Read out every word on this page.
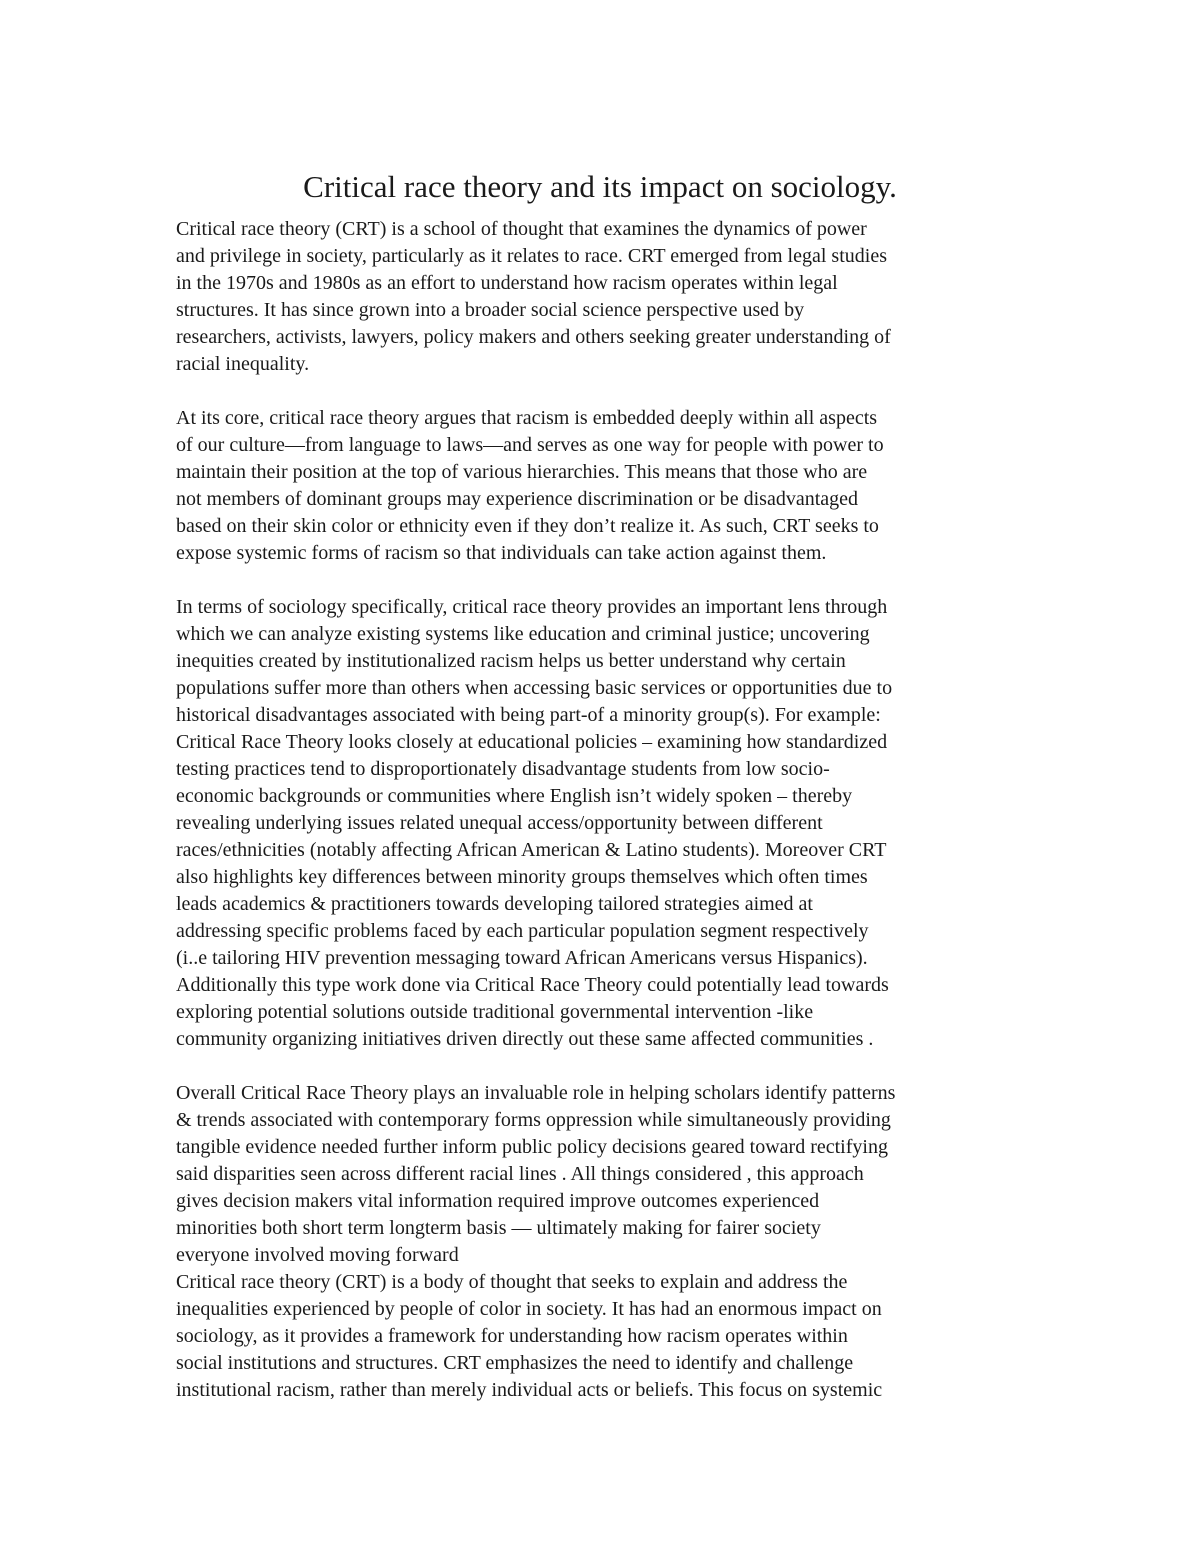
Critical race theory and its impact on sociology.
Critical race theory (CRT) is a school of thought that examines the dynamics of power
and privilege in society, particularly as it relates to race. CRT emerged from legal studies
in the 1970s and 1980s as an effort to understand how racism operates within legal
structures. It has since grown into a broader social science perspective used by
researchers, activists, lawyers, policy makers and others seeking greater understanding of
racial inequality.
At its core, critical race theory argues that racism is embedded deeply within all aspects
of our culture—from language to laws—and serves as one way for people with power to
maintain their position at the top of various hierarchies. This means that those who are
not members of dominant groups may experience discrimination or be disadvantaged
based on their skin color or ethnicity even if they don’t realize it. As such, CRT seeks to
expose systemic forms of racism so that individuals can take action against them.
In terms of sociology specifically, critical race theory provides an important lens through
which we can analyze existing systems like education and criminal justice; uncovering
inequities created by institutionalized racism helps us better understand why certain
populations suffer more than others when accessing basic services or opportunities due to
historical disadvantages associated with being part-of a minority group(s). For example:
Critical Race Theory looks closely at educational policies – examining how standardized
testing practices tend to disproportionately disadvantage students from low socio-
economic backgrounds or communities where English isn’t widely spoken – thereby
revealing underlying issues related unequal access/opportunity between different
races/ethnicities (notably affecting African American & Latino students). Moreover CRT
also highlights key differences between minority groups themselves which often times
leads academics & practitioners towards developing tailored strategies aimed at
addressing specific problems faced by each particular population segment respectively
(i..e tailoring HIV prevention messaging toward African Americans versus Hispanics).
Additionally this type work done via Critical Race Theory could potentially lead towards
exploring potential solutions outside traditional governmental intervention -like
community organizing initiatives driven directly out these same affected communities .
Overall Critical Race Theory plays an invaluable role in helping scholars identify patterns
& trends associated with contemporary forms oppression while simultaneously providing
tangible evidence needed further inform public policy decisions geared toward rectifying
said disparities seen across different racial lines . All things considered , this approach
gives decision makers vital information required improve outcomes experienced
minorities both short term longterm basis — ultimately making for fairer society
everyone involved moving forward
Critical race theory (CRT) is a body of thought that seeks to explain and address the
inequalities experienced by people of color in society. It has had an enormous impact on
sociology, as it provides a framework for understanding how racism operates within
social institutions and structures. CRT emphasizes the need to identify and challenge
institutional racism, rather than merely individual acts or beliefs. This focus on systemic
